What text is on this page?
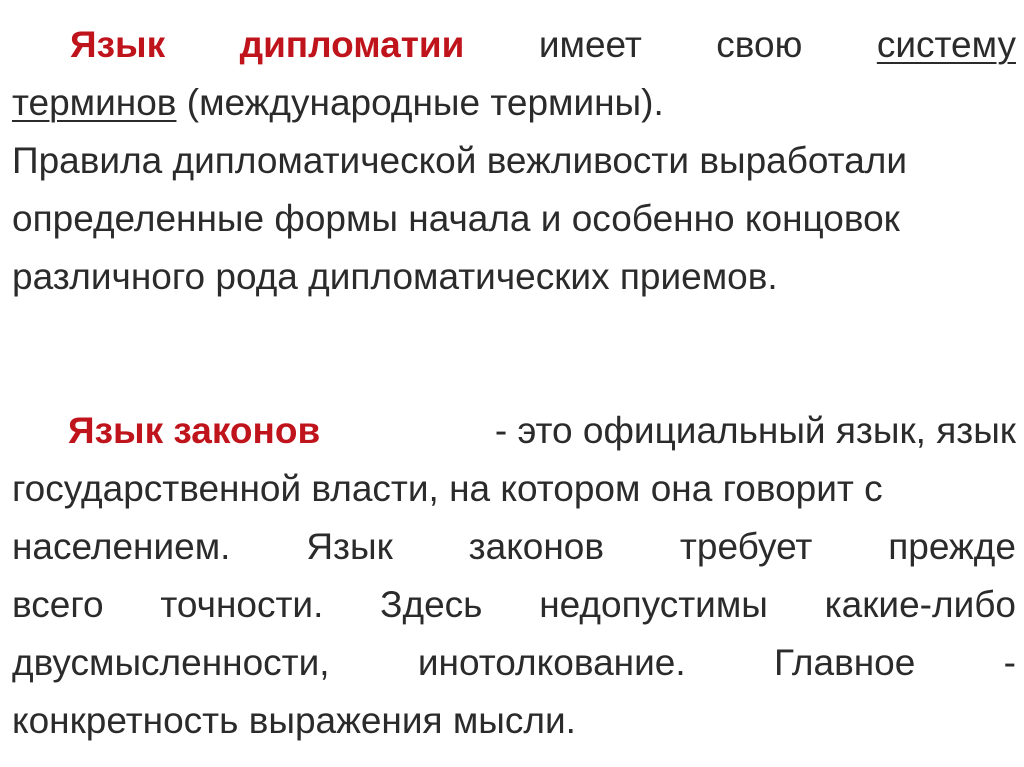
Язык дипломатии имеет свою систему
терминов (международные термины).
Правила дипломатической вежливости выработали
определенные формы начала и особенно концовок
различного рода дипломатических приемов.
Язык законов	- это официальный язык, язык
государственной власти, на котором она говорит с
населением. Язык законов требует прежде
всего точности. Здесь недопустимы какие-либо
двусмысленности, инотолкование. Главное -
конкретность выражения мысли.
